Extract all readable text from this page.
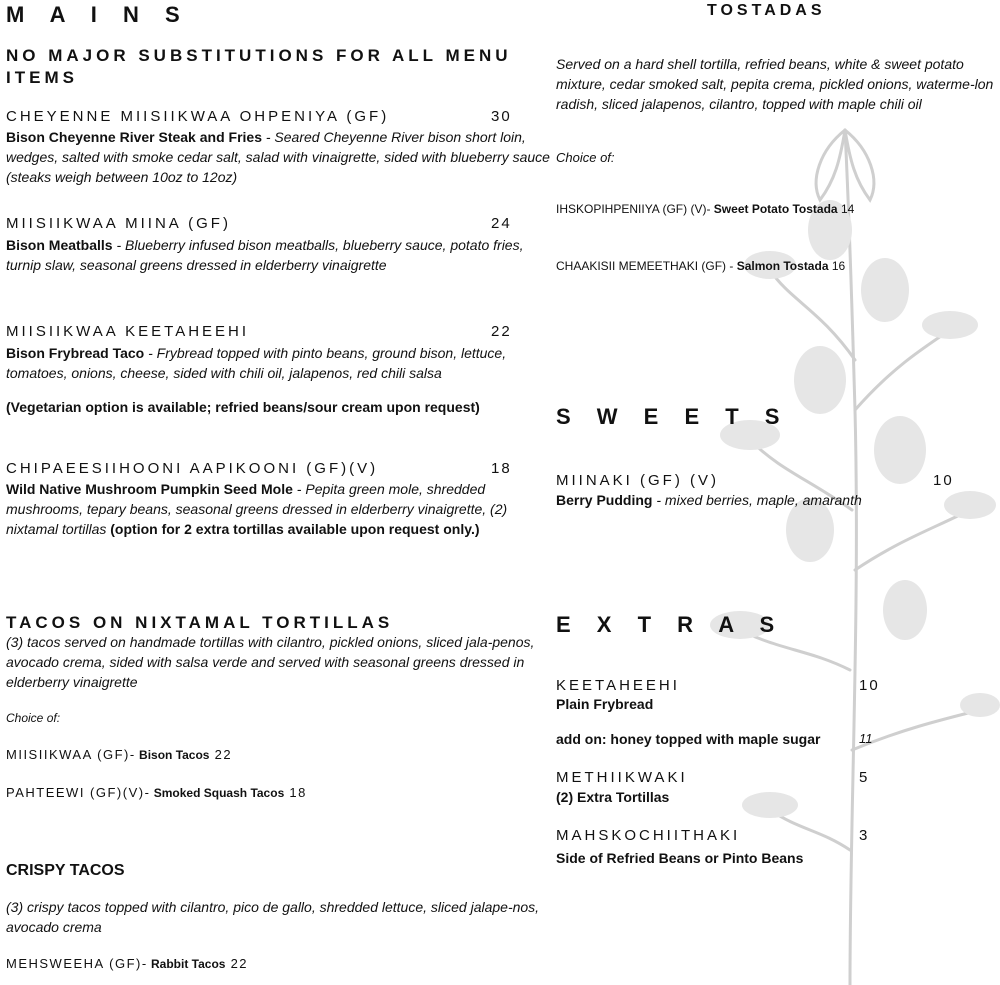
M A I N S
NO MAJOR SUBSTITUTIONS FOR ALL MENU ITEMS
CHEYENNE MIISIIKWAA OHPENIYA (GF)	30
Bison Cheyenne River Steak and Fries - Seared Cheyenne River bison short loin, wedges, salted with smoke cedar salt, salad with vinaigrette, sided with blueberry sauce (steaks weigh between 10oz to 12oz)
MIISIIKWAA MIINA (GF)	24
Bison Meatballs - Blueberry infused bison meatballs, blueberry sauce, potato fries, turnip slaw, seasonal greens dressed in elderberry vinaigrette
MIISIIKWAA KEETAHEEHI	22
Bison Frybread Taco - Frybread topped with pinto beans, ground bison, lettuce, tomatoes, onions, cheese, sided with chili oil, jalapenos, red chili salsa
(Vegetarian option is available; refried beans/sour cream upon request)
CHIPAEESIIHOONI AAPIKOONI (GF)(V)	18
Wild Native Mushroom Pumpkin Seed Mole - Pepita green mole, shredded mushrooms, tepary beans, seasonal greens dressed in elderberry vinaigrette, (2) nixtamal tortillas (option for 2 extra tortillas available upon request only.)
TACOS ON NIXTAMAL TORTILLAS
(3) tacos served on handmade tortillas with cilantro, pickled onions, sliced jala-penos, avocado crema, sided with salsa verde and served with seasonal greens dressed in elderberry vinaigrette
Choice of:
MIISIIKWAA (GF)- Bison Tacos 22
PAHTEEWI (GF)(V)- Smoked Squash Tacos 18
CRISPY TACOS
(3) crispy tacos topped with cilantro, pico de gallo, shredded lettuce, sliced jalape-nos, avocado crema
MEHSWEEHA (GF)- Rabbit Tacos 22
TOSTADAS
Served on a hard shell tortilla, refried beans, white & sweet potato mixture, cedar smoked salt, pepita crema, pickled onions, waterme-lon radish, sliced jalapenos, cilantro, topped with maple chili oil
Choice of:
IHSKOPIHPENIIYA (GF) (V)- Sweet Potato Tostada 14
CHAAKISII MEMEETHAKI (GF) - Salmon Tostada 16
S W E E T S
MIINAKI (GF) (V)	10
Berry Pudding - mixed berries, maple, amaranth
E X T R A S
KEETAHEEHI	10
Plain Frybread
add on: honey topped with maple sugar	11
METHIIKWAKI	5
(2) Extra Tortillas
MAHSKOCHIITHAKI	3
Side of Refried Beans or Pinto Beans
